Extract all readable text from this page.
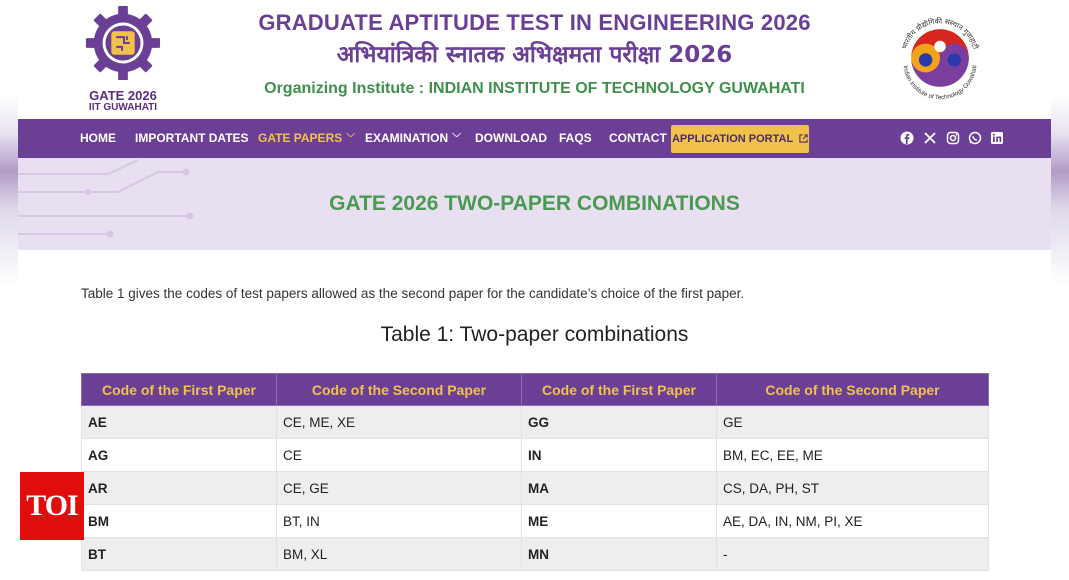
GATE 2026
IIT GUWAHATI
GRADUATE APTITUDE TEST IN ENGINEERING 2026
अभियांत्रिकी स्नातक अभिक्षमता परीक्षा 2026
Organizing Institute : INDIAN INSTITUTE OF TECHNOLOGY GUWAHATI
भारतीय प्रौद्योगिकी संस्थान गुवाहाटी
Indian Institute of Technology Guwahati
HOME IMPORTANT DATES GATE PAPERS ﹀ EXAMINATION ﹀ DOWNLOAD FAQS CONTACT APPLICATION PORTAL
GATE 2026 TWO-PAPER COMBINATIONS
Table 1 gives the codes of test papers allowed as the second paper for the candidate’s choice of the first paper.
Table 1: Two-paper combinations
Code of the First Paper	Code of the Second Paper	Code of the First Paper	Code of the Second Paper
AE	CE, ME, XE	GG	GE
AG	CE	IN	BM, EC, EE, ME
AR	CE, GE	MA	CS, DA, PH, ST
BM	BT, IN	ME	AE, DA, IN, NM, PI, XE
BT	BM, XL	MN	-
TOI
